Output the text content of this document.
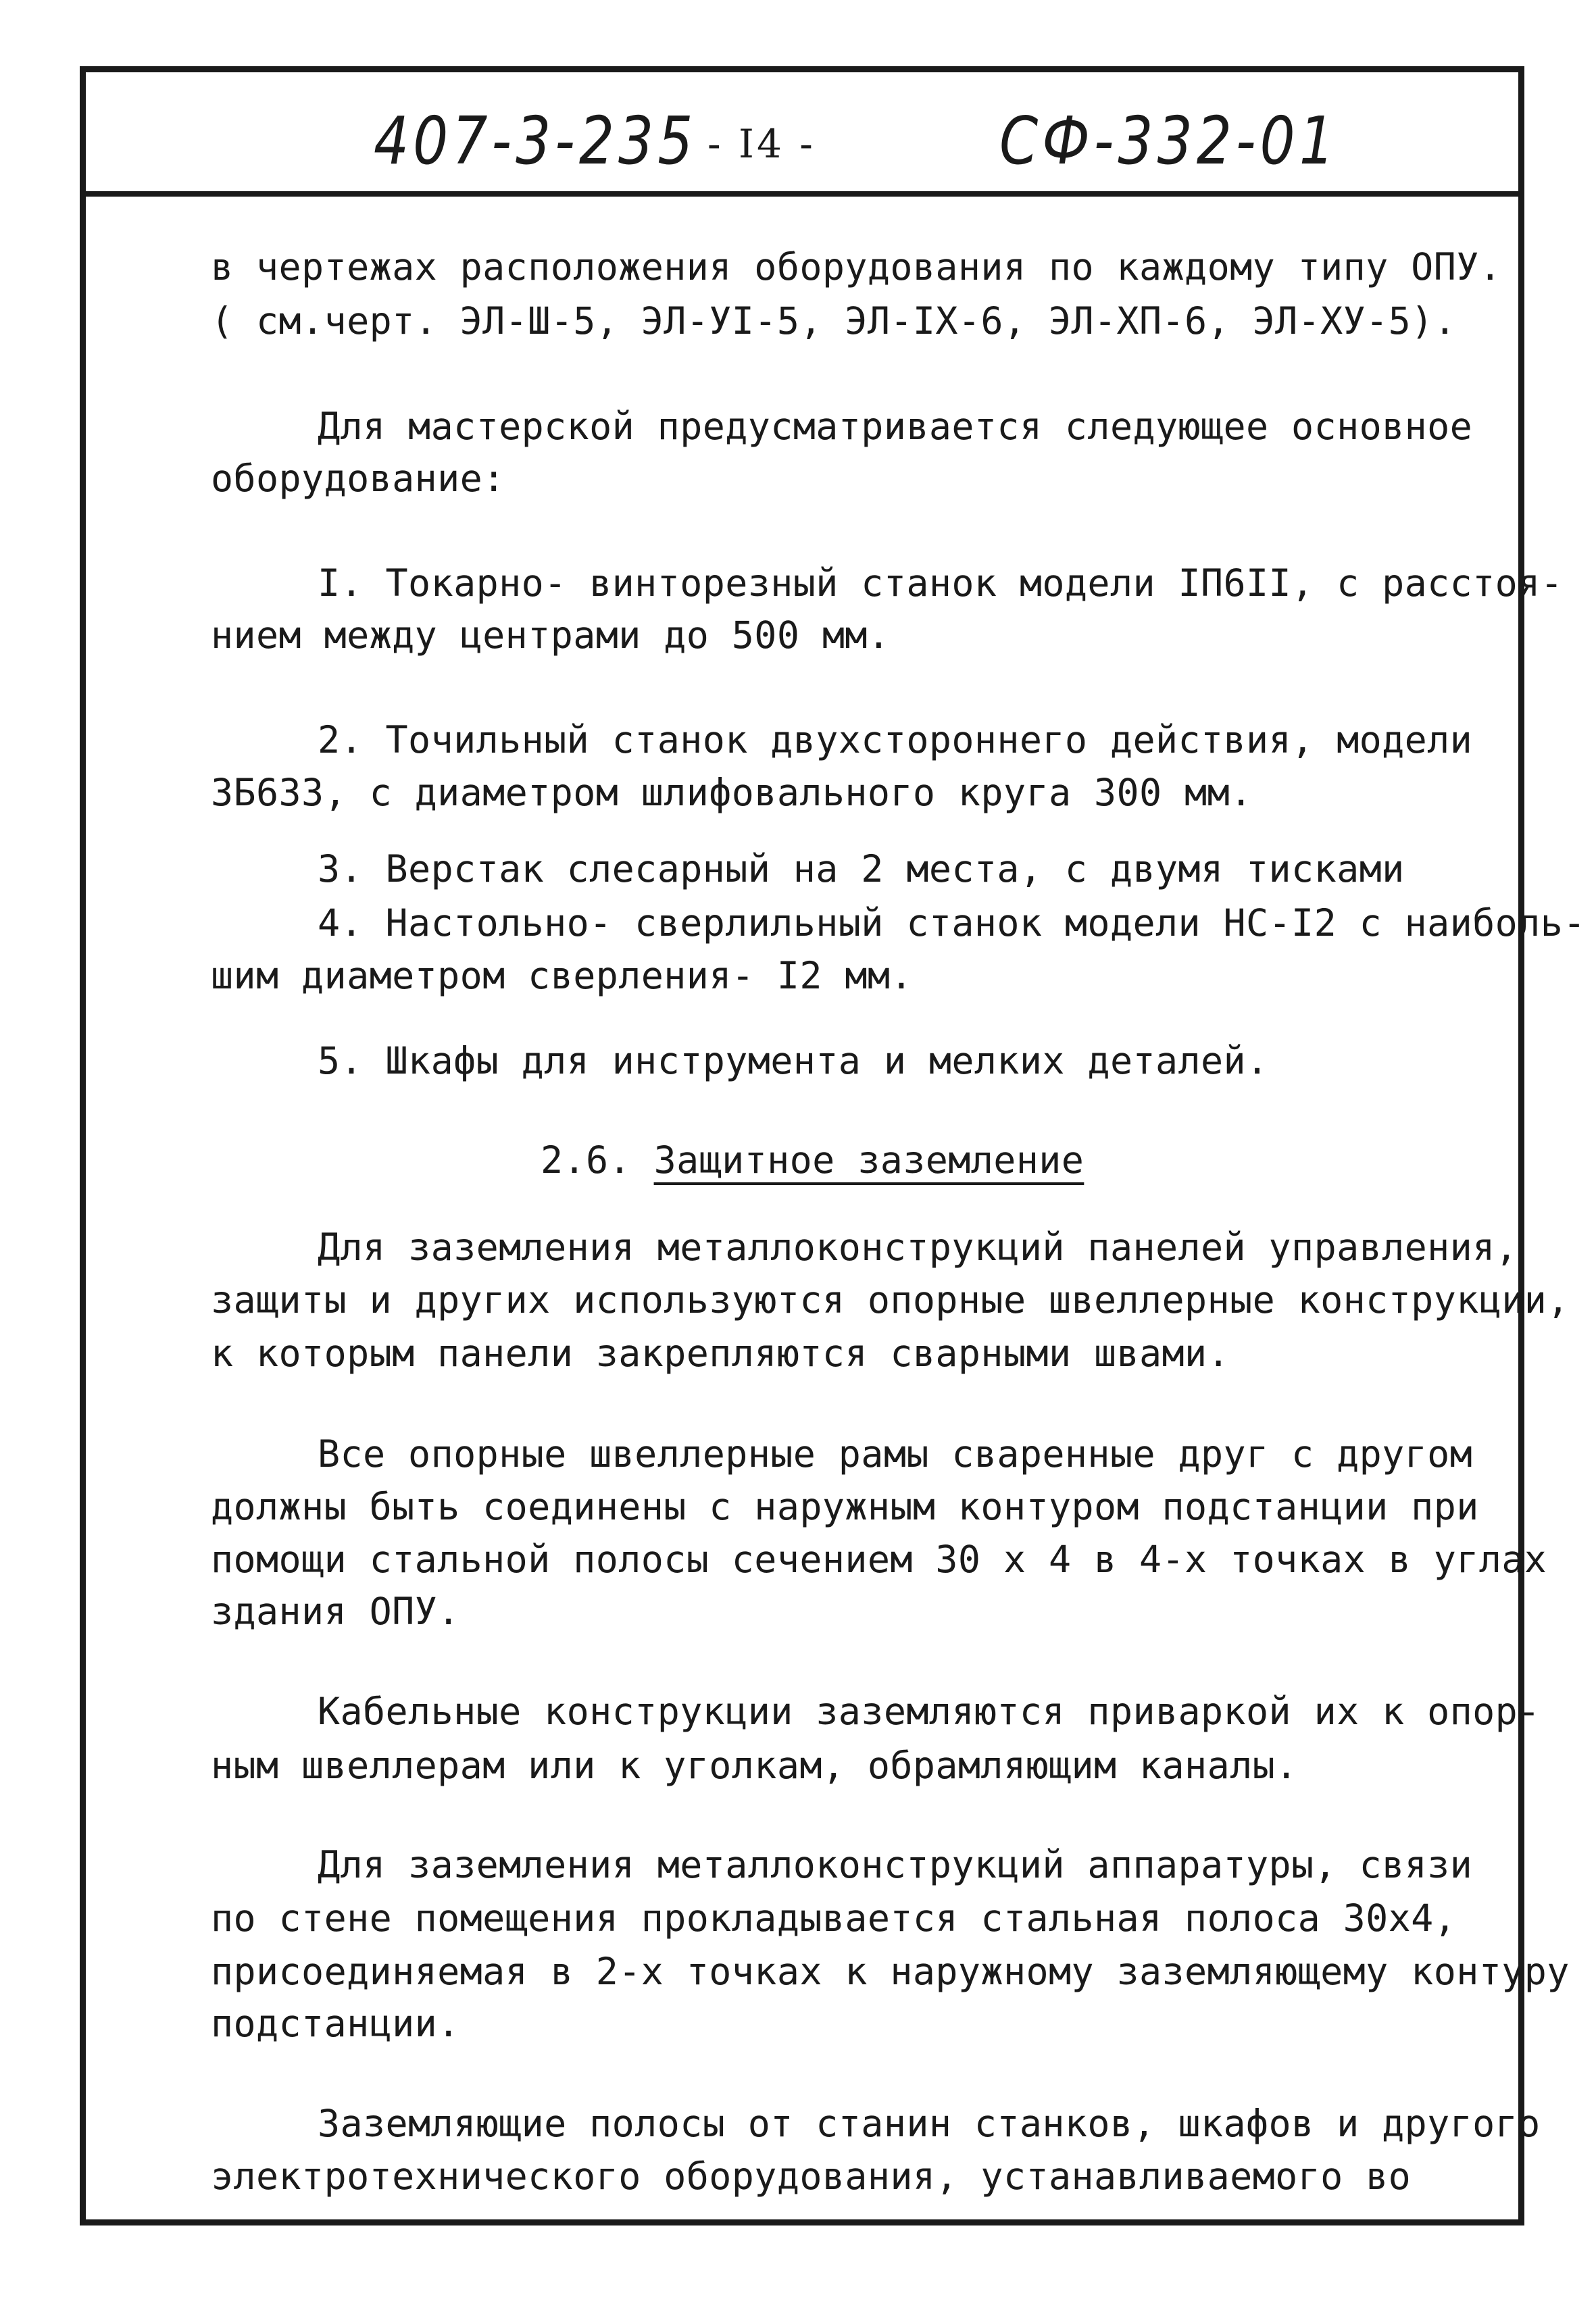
407-3-235 - I4 -	СФ-332-01
в чертежах расположения оборудования по каждому типу ОПУ.
( см.черт. ЭЛ-Ш-5, ЭЛ-УI-5, ЭЛ-IX-6, ЭЛ-ХП-6, ЭЛ-ХУ-5).
Для мастерской предусматривается следующее основное
оборудование:
I. Токарно- винторезный станок модели IП6II, с расстоя-
нием между центрами до 500 мм.
2. Точильный станок двухстороннего действия, модели
3Б633, с диаметром шлифовального круга 300 мм.
3. Верстак слесарный на 2 места, с двумя тисками
4. Настольно- сверлильный станок модели НС-I2 с наиболь-
шим диаметром сверления- I2 мм.
5. Шкафы для инструмента и мелких деталей.
2.6. Защитное заземление
Для заземления металлоконструкций панелей управления,
защиты и других используются опорные швеллерные конструкции,
к которым панели закрепляются сварными швами.
Все опорные швеллерные рамы сваренные друг с другом
должны быть соединены с наружным контуром подстанции при
помощи стальной полосы сечением 30 х 4 в 4-х точках в углах
здания ОПУ.
Кабельные конструкции заземляются приваркой их к опор-
ным швеллерам или к уголкам, обрамляющим каналы.
Для заземления металлоконструкций аппаратуры, связи
по стене помещения прокладывается стальная полоса 30х4,
присоединяемая в 2-х точках к наружному заземляющему контуру
подстанции.
Заземляющие полосы от станин станков, шкафов и другого
электротехнического оборудования, устанавливаемого во
